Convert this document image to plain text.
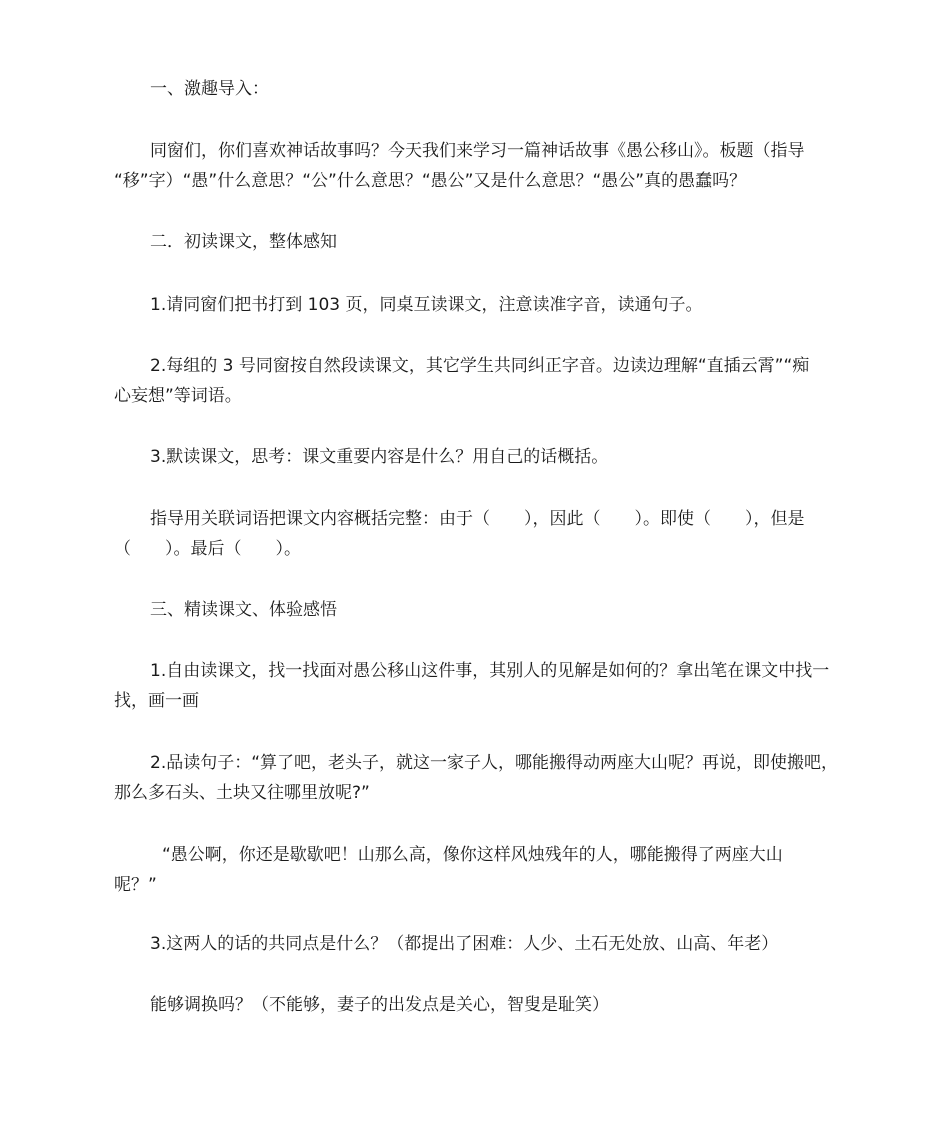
一、激趣导入：
同窗们，你们喜欢神话故事吗？今天我们来学习一篇神话故事《愚公移山》。板题（指导
“移”字）“愚”什么意思？“公”什么意思？“愚公”又是什么意思？“愚公”真的愚蠢吗？
二．初读课文，整体感知
1.请同窗们把书打到 103 页，同桌互读课文，注意读准字音，读通句子。
2.每组的 3 号同窗按自然段读课文，其它学生共同纠正字音。边读边理解“直插云霄”“痴
心妄想”等词语。
3.默读课文，思考：课文重要内容是什么？用自己的话概括。
指导用关联词语把课文内容概括完整：由于（　　），因此（　　）。即使（　　），但是
（　　）。最后（　　）。
三、精读课文、体验感悟
1.自由读课文，找一找面对愚公移山这件事，其别人的见解是如何的？拿出笔在课文中找一
找，画一画
2.品读句子：“算了吧，老头子，就这一家子人，哪能搬得动两座大山呢？再说，即使搬吧，
那么多石头、土块又往哪里放呢?”
“愚公啊，你还是歇歇吧！山那么高，像你这样风烛残年的人，哪能搬得了两座大山
呢？”
3.这两人的话的共同点是什么？（都提出了困难：人少、土石无处放、山高、年老）
能够调换吗？（不能够，妻子的出发点是关心，智叟是耻笑）
